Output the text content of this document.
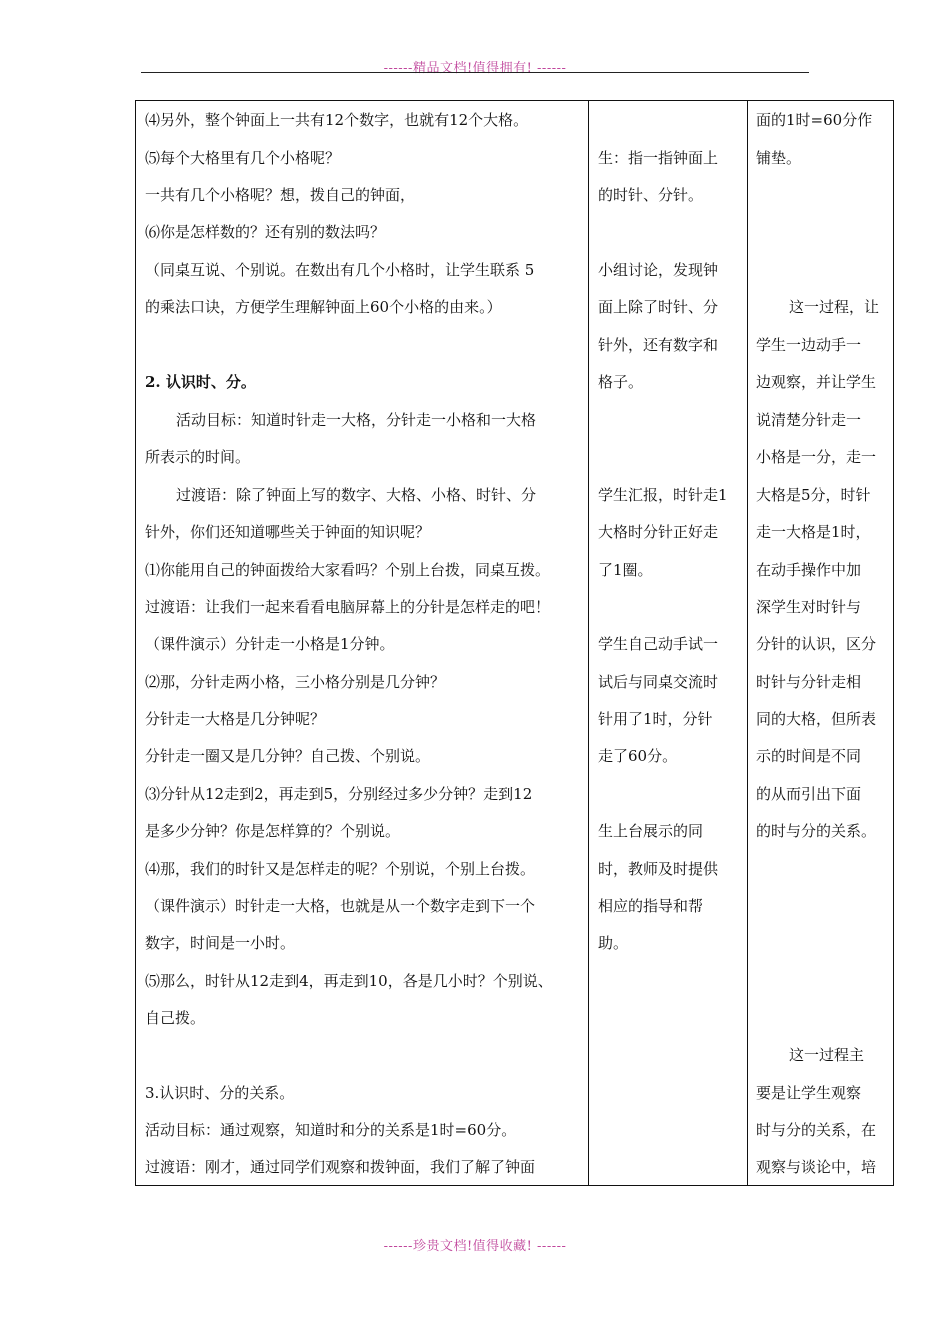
------精品文档!值得拥有! ------
⑷另外，整个钟面上一共有12个数字，也就有12个大格。
⑸每个大格里有几个小格呢？
一共有几个小格呢？想，拨自己的钟面，
⑹你是怎样数的？还有别的数法吗？
（同桌互说、个别说。在数出有几个小格时，让学生联系 5
的乘法口诀，方便学生理解钟面上60个小格的由来。）
2. 认识时、分。
活动目标：知道时针走一大格，分针走一小格和一大格
所表示的时间。
过渡语：除了钟面上写的数字、大格、小格、时针、分
针外，你们还知道哪些关于钟面的知识呢？
⑴你能用自己的钟面拨给大家看吗？个别上台拨，同桌互拨。
过渡语：让我们一起来看看电脑屏幕上的分针是怎样走的吧！
（课件演示）分针走一小格是1分钟。
⑵那，分针走两小格，三小格分别是几分钟？
分针走一大格是几分钟呢？
分针走一圈又是几分钟？自己拨、个别说。
⑶分针从12走到2，再走到5，分别经过多少分钟？走到12
是多少分钟？你是怎样算的？个别说。
⑷那，我们的时针又是怎样走的呢？个别说，个别上台拨。
（课件演示）时针走一大格，也就是从一个数字走到下一个
数字，时间是一小时。
⑸那么，时针从12走到4，再走到10，各是几小时？个别说、
自己拨。
3.认识时、分的关系。
活动目标：通过观察，知道时和分的关系是1时=60分。
过渡语：刚才，通过同学们观察和拨钟面，我们了解了钟面
生：指一指钟面上
的时针、分针。
小组讨论，发现钟
面上除了时针、分
针外，还有数字和
格子。
学生汇报，时针走1
大格时分针正好走
了1圈。
学生自己动手试一
试后与同桌交流时
针用了1时，分针
走了60分。
生上台展示的同
时，教师及时提供
相应的指导和帮
助。
面的1时=60分作
铺垫。
这一过程，让
学生一边动手一
边观察，并让学生
说清楚分针走一
小格是一分，走一
大格是5分，时针
走一大格是1时，
在动手操作中加
深学生对时针与
分针的认识，区分
时针与分针走相
同的大格，但所表
示的时间是不同
的从而引出下面
的时与分的关系。
这一过程主
要是让学生观察
时与分的关系，在
观察与谈论中，培
------珍贵文档!值得收藏! ------
